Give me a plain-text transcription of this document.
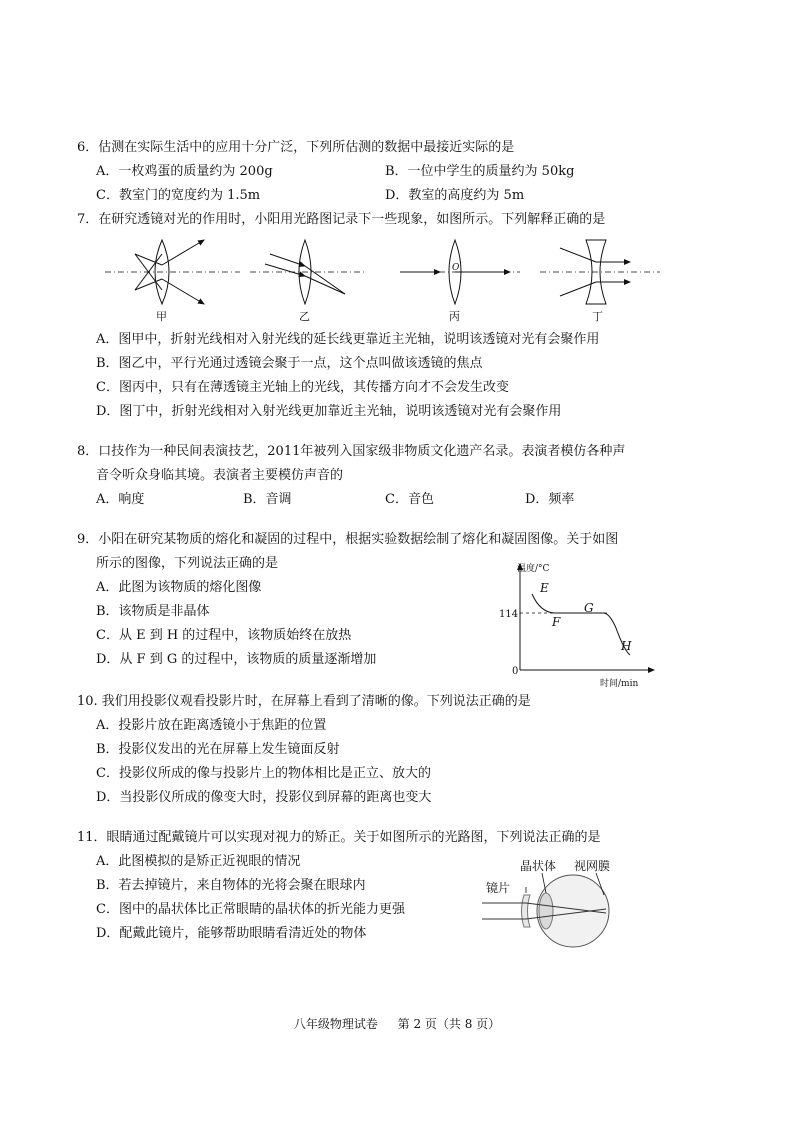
6．估测在实际生活中的应用十分广泛，下列所估测的数据中最接近实际的是
A．一枚鸡蛋的质量约为 200g	B．一位中学生的质量约为 50kg
C．教室门的宽度约为 1.5m	D．教室的高度约为 5m
7．在研究透镜对光的作用时，小阳用光路图记录下一些现象，如图所示。下列解释正确的是
O
甲	乙	丙	丁
A．图甲中，折射光线相对入射光线的延长线更靠近主光轴，说明该透镜对光有会聚作用
B．图乙中，平行光通过透镜会聚于一点，这个点叫做该透镜的焦点
C．图丙中，只有在薄透镜主光轴上的光线，其传播方向才不会发生改变
D．图丁中，折射光线相对入射光线更加靠近主光轴，说明该透镜对光有会聚作用
8．口技作为一种民间表演技艺，2011年被列入国家级非物质文化遗产名录。表演者模仿各种声
音令听众身临其境。表演者主要模仿声音的
A．响度	B．音调	C．音色	D．频率
9．小阳在研究某物质的熔化和凝固的过程中，根据实验数据绘制了熔化和凝固图像。关于如图
所示的图像，下列说法正确的是
A．此图为该物质的熔化图像
B．该物质是非晶体
C．从 E 到 H 的过程中，该物质始终在放热
D．从 F 到 G 的过程中，该物质的质量逐渐增加
温度/°C
时间/min
114
0
E
F
G
H
10. 我们用投影仪观看投影片时，在屏幕上看到了清晰的像。下列说法正确的是
A．投影片放在距离透镜小于焦距的位置
B．投影仪发出的光在屏幕上发生镜面反射
C．投影仪所成的像与投影片上的物体相比是正立、放大的
D．当投影仪所成的像变大时，投影仪到屏幕的距离也变大
11．眼睛通过配戴镜片可以实现对视力的矫正。关于如图所示的光路图，下列说法正确的是
A．此图模拟的是矫正近视眼的情况
B．若去掉镜片，来自物体的光将会聚在眼球内
C．图中的晶状体比正常眼睛的晶状体的折光能力更强
D．配戴此镜片，能够帮助眼睛看清近处的物体
镜片
晶状体 视网膜
八年级物理试卷 第 2 页（共 8 页）
